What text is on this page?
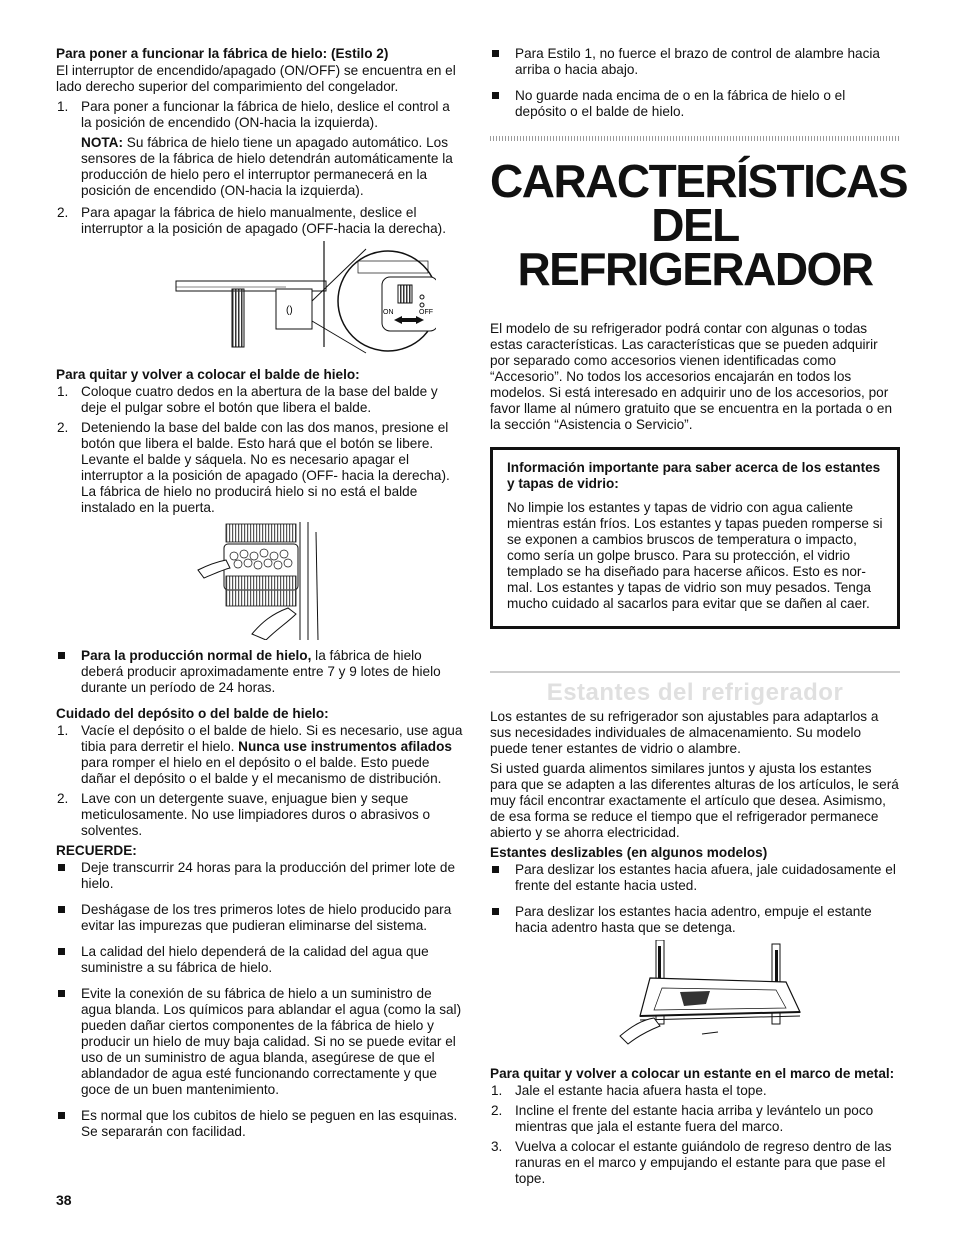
Para poner a funcionar la fábrica de hielo: (Estilo 2)

El interruptor de encendido/apagado (ON/OFF) se encuentra en el lado derecho superior del comparimiento del congelador.

1. Para poner a funcionar la fábrica de hielo, deslice el control a la posición de encendido (ON-hacia la izquierda).
NOTA: Su fábrica de hielo tiene un apagado automático. Los sensores de la fábrica de hielo detendrán automáticamente la producción de hielo pero el interruptor permanecerá en la posición de encendido (ON-hacia la izquierda).
2. Para apagar la fábrica de hielo manualmente, deslice el interruptor a la posición de apagado (OFF-hacia la derecha).
()	ON	OFF
Para quitar y volver a colocar el balde de hielo:
1. Coloque cuatro dedos en la abertura de la base del balde y deje el pulgar sobre el botón que libera el balde.
2. Deteniendo la base del balde con las dos manos, presione el botón que libera el balde. Esto hará que el botón se libere. Levante el balde y sáquela. No es necesario apagar el interruptor a la posición de apagado (OFF- hacia la derecha). La fábrica de hielo no producirá hielo si no está el balde instalado en la puerta.
Para la producción normal de hielo, la fábrica de hielo deberá producir aproximadamente entre 7 y 9 lotes de hielo durante un período de 24 horas.
Cuidado del depósito o del balde de hielo:
1. Vacíe el depósito o el balde de hielo. Si es necesario, use agua tibia para derretir el hielo. Nunca use instrumentos afilados para romper el hielo en el depósito o el balde. Esto puede dañar el depósito o el balde y el mecanismo de distribución.
2. Lave con un detergente suave, enjuague bien y seque meticulosamente. No use limpiadores duros o abrasivos o solventes.
RECUERDE:
Deje transcurrir 24 horas para la producción del primer lote de hielo.
Deshágase de los tres primeros lotes de hielo producido para evitar las impurezas que pudieran eliminarse del sistema.
La calidad del hielo dependerá de la calidad del agua que suministre a su fábrica de hielo.
Evite la conexión de su fábrica de hielo a un suministro de agua blanda. Los químicos para ablandar el agua (como la sal) pueden dañar ciertos componentes de la fábrica de hielo y producir un hielo de muy baja calidad. Si no se puede evitar el uso de un suministro de agua blanda, asegúrese de que el ablandador de agua esté funcionando correctamente y que goce de un buen mantenimiento.
Es normal que los cubitos de hielo se peguen en las esquinas. Se separarán con facilidad.
Para Estilo 1, no fuerce el brazo de control de alambre hacia arriba o hacia abajo.
No guarde nada encima de o en la fábrica de hielo o el depósito o el balde de hielo.
CARACTERÍSTICAS DEL
REFRIGERADOR

El modelo de su refrigerador podrá contar con algunas o todas estas características. Las características que se pueden adquirir por separado como accesorios vienen identificadas como “Accesorio”. No todos los accesorios encajarán en todos los modelos. Si está interesado en adquirir uno de los accesorios, por favor llame al número gratuito que se encuentra en la portada o en la sección “Asistencia o Servicio”.

Información importante para saber acerca de los estantes y tapas de vidrio:

No limpie los estantes y tapas de vidrio con agua caliente mientras están fríos. Los estantes y tapas pueden romperse si se exponen a cambios bruscos de temperatura o impacto, como sería un golpe brusco. Para su protección, el vidrio templado se ha diseñado para hacerse añicos. Esto es nor-mal. Los estantes y tapas de vidrio son muy pesados. Tenga mucho cuidado al sacarlos para evitar que se dañen al caer.

Estantes del refrigerador

Los estantes de su refrigerador son ajustables para adaptarlos a sus necesidades individuales de almacenamiento. Su modelo puede tener estantes de vidrio o alambre.

Si usted guarda alimentos similares juntos y ajusta los estantes para que se adapten a las diferentes alturas de los artículos, le será muy fácil encontrar exactamente el artículo que desea. Asimismo, de esa forma se reduce el tiempo que el refrigerador permanece abierto y se ahorra electricidad.

Estantes deslizables (en algunos modelos)
Para deslizar los estantes hacia afuera, jale cuidadosamente el frente del estante hacia usted.
Para deslizar los estantes hacia adentro, empuje el estante hacia adentro hasta que se detenga.
Para quitar y volver a colocar un estante en el marco de metal:
1. Jale el estante hacia afuera hasta el tope.
2. Incline el frente del estante hacia arriba y levántelo un poco mientras que jala el estante fuera del marco.
3. Vuelva a colocar el estante guiándolo de regreso dentro de las ranuras en el marco y empujando el estante para que pase el tope.
38
